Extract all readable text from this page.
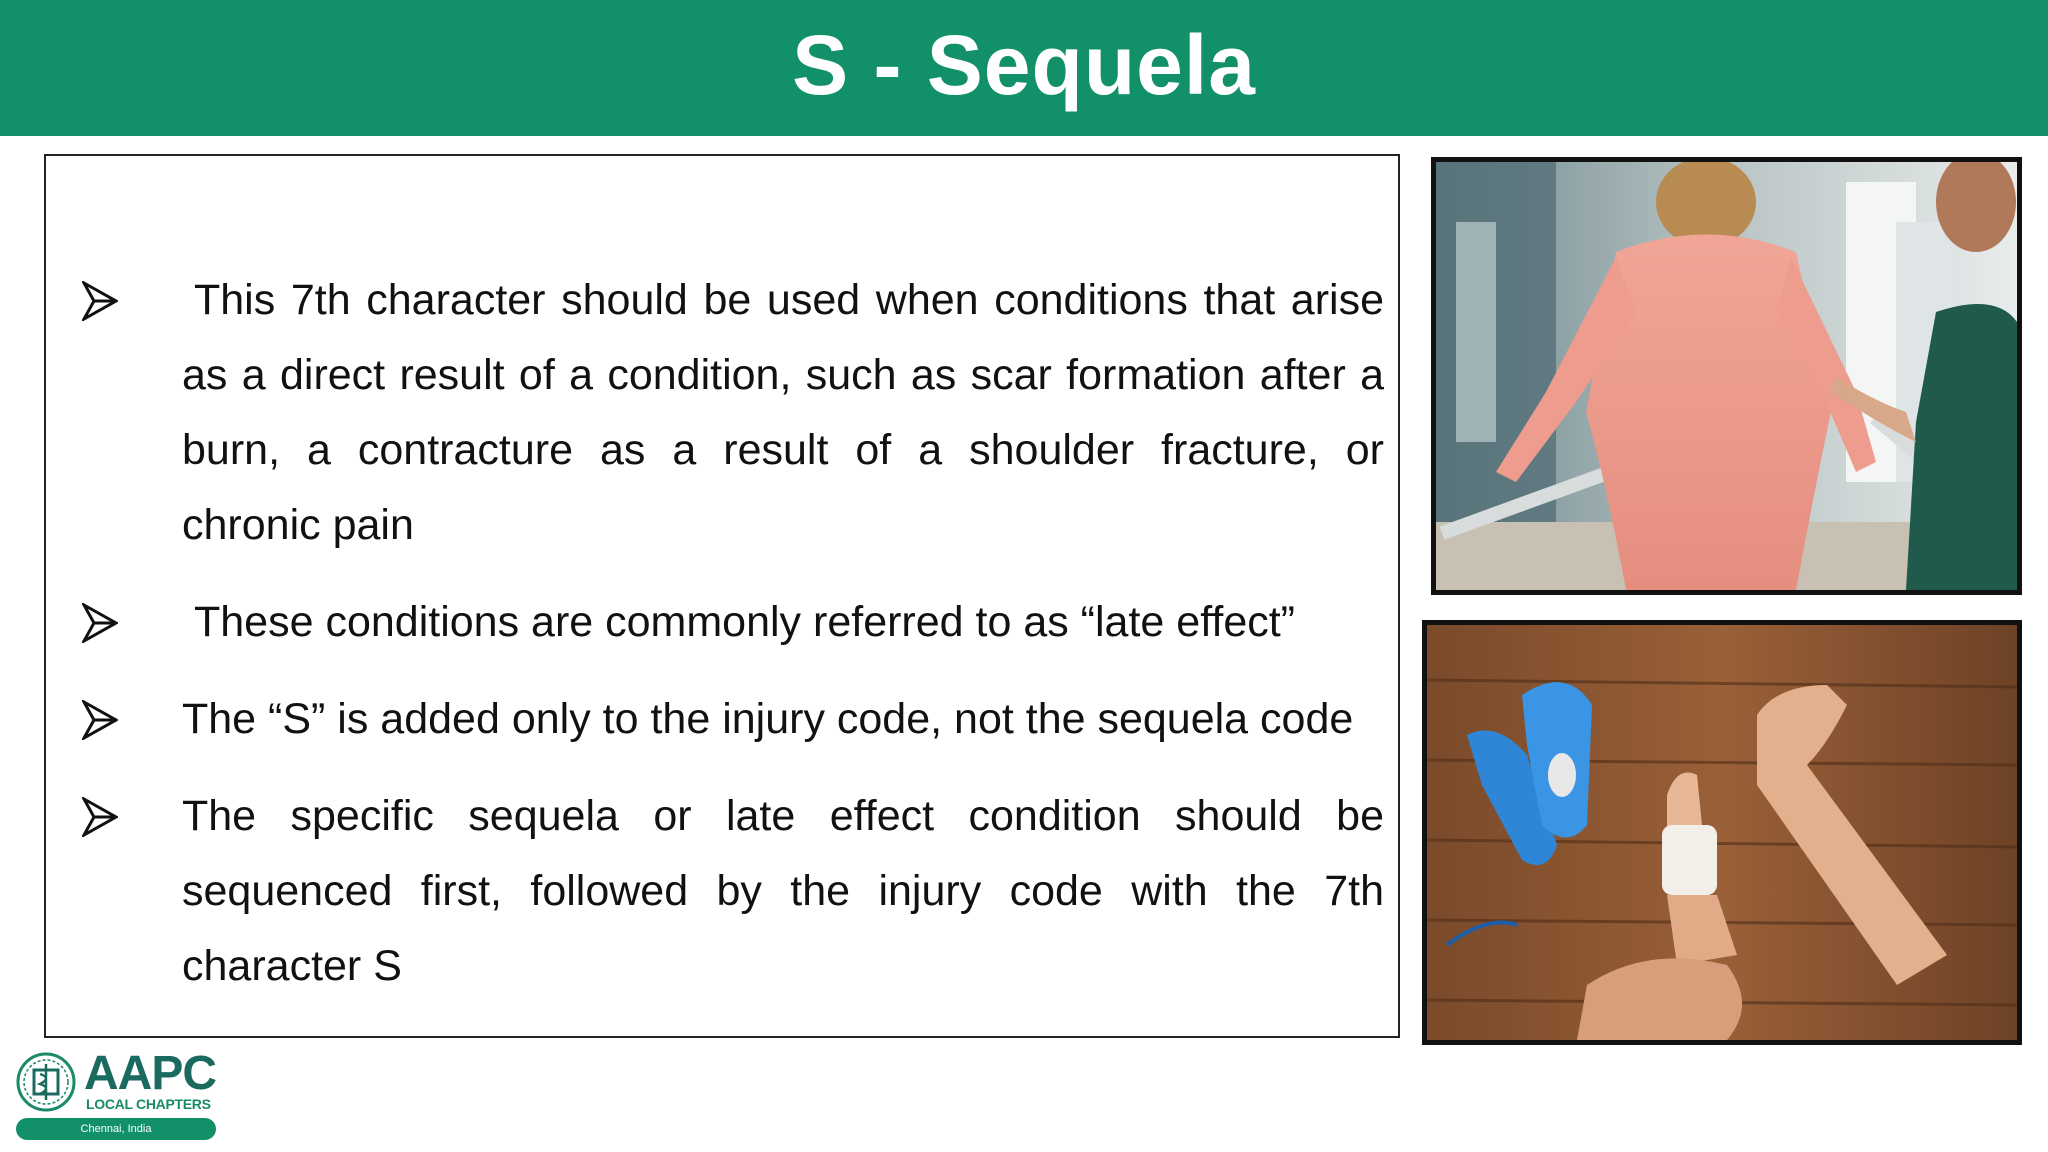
S - Sequela
This 7th character should be used when conditions that arise as a direct result of a condition, such as scar formation after a burn, a contracture as a result of a shoulder fracture, or chronic pain
These conditions are commonly referred to as “late effect”
The “S” is added only to the injury code, not the sequela code
The specific sequela or late effect condition should be sequenced first, followed by the injury code with the 7th character S
AAPC
LOCAL CHAPTERS
Chennai, India
